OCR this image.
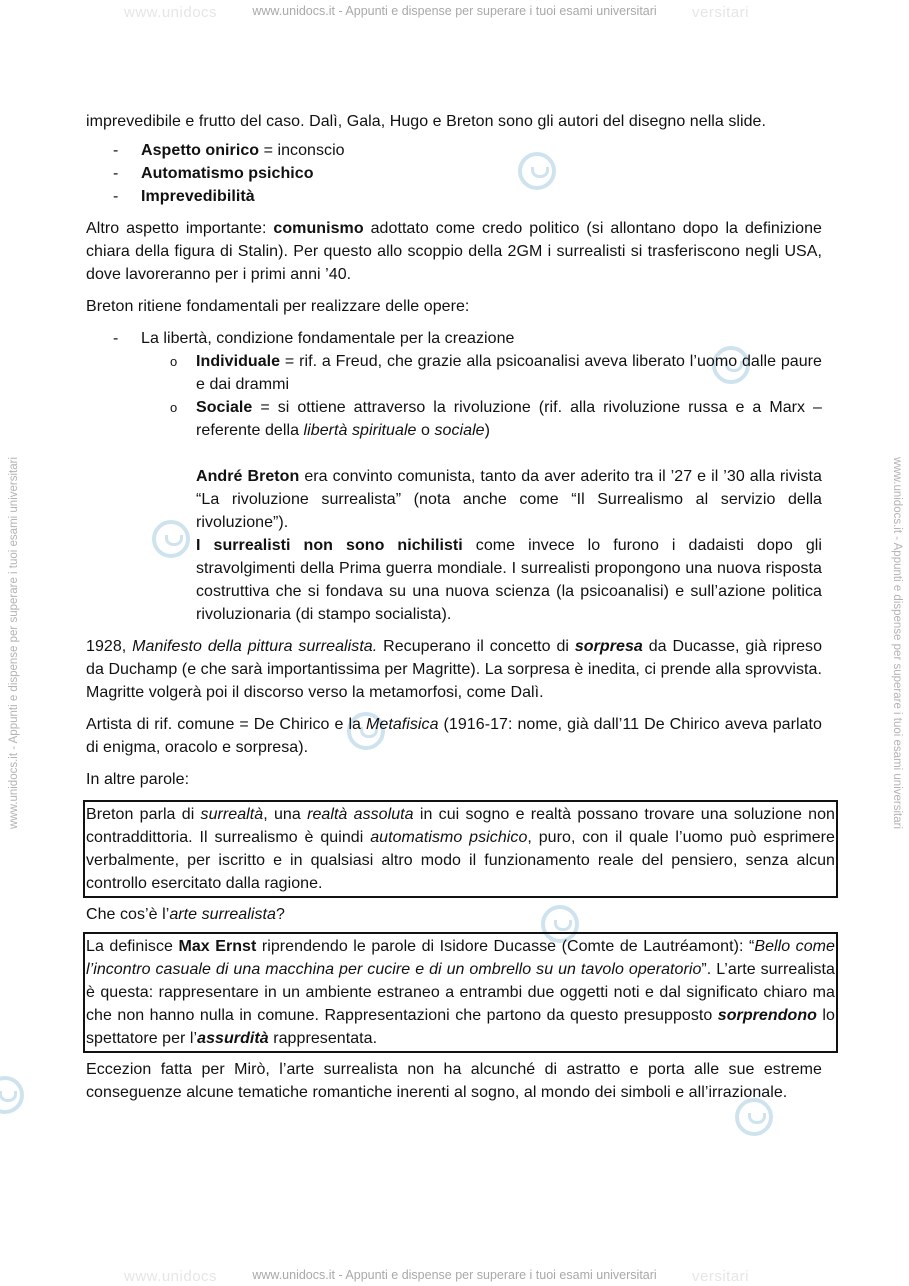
www.unidocs	versitari
www.unidocs	versitari
www.unidocs.it - Appunti e dispense per superare i tuoi esami universitari
www.unidocs.it - Appunti e dispense per superare i tuoi esami universitari
www.unidocs.it - Appunti e dispense per superare i tuoi esami universitari	www.unidocs.it - Appunti e dispense per superare i tuoi esami universitari

imprevedibile e frutto del caso. Dalì, Gala, Hugo e Breton sono gli autori del disegno nella slide.

- Aspetto onirico = inconscio
- Automatismo psichico
- Imprevedibilità

Altro aspetto importante: comunismo adottato come credo politico (si allontano dopo la definizione chiara della figura di Stalin). Per questo allo scoppio della 2GM i surrealisti si trasferiscono negli USA, dove lavoreranno per i primi anni ’40.

Breton ritiene fondamentali per realizzare delle opere:

- La libertà, condizione fondamentale per la creazione
o Individuale = rif. a Freud, che grazie alla psicoanalisi aveva liberato l’uomo dalle paure e dai drammi
o Sociale = si ottiene attraverso la rivoluzione (rif. alla rivoluzione russa e a Marx – referente della libertà spirituale o sociale)

André Breton era convinto comunista, tanto da aver aderito tra il ’27 e il ’30 alla rivista “La rivoluzione surrealista” (nota anche come “Il Surrealismo al servizio della rivoluzione”).

I surrealisti non sono nichilisti come invece lo furono i dadaisti dopo gli stravolgimenti della Prima guerra mondiale. I surrealisti propongono una nuova risposta costruttiva che si fondava su una nuova scienza (la psicoanalisi) e sull’azione politica rivoluzionaria (di stampo socialista).

1928, Manifesto della pittura surrealista. Recuperano il concetto di sorpresa da Ducasse, già ripreso da Duchamp (e che sarà importantissima per Magritte). La sorpresa è inedita, ci prende alla sprovvista. Magritte volgerà poi il discorso verso la metamorfosi, come Dalì.

Artista di rif. comune = De Chirico e la Metafisica (1916-17: nome, già dall’11 De Chirico aveva parlato di enigma, oracolo e sorpresa).

In altre parole:

Breton parla di surrealtà, una realtà assoluta in cui sogno e realtà possano trovare una soluzione non contraddittoria. Il surrealismo è quindi automatismo psichico, puro, con il quale l’uomo può esprimere verbalmente, per iscritto e in qualsiasi altro modo il funzionamento reale del pensiero, senza alcun controllo esercitato dalla ragione.

Che cos’è l’arte surrealista?

La definisce Max Ernst riprendendo le parole di Isidore Ducasse (Comte de Lautréamont): “Bello come l’incontro casuale di una macchina per cucire e di un ombrello su un tavolo operatorio”. L’arte surrealista è questa: rappresentare in un ambiente estraneo a entrambi due oggetti noti e dal significato chiaro ma che non hanno nulla in comune. Rappresentazioni che partono da questo presupposto sorprendono lo spettatore per l’assurdità rappresentata.

Eccezion fatta per Mirò, l’arte surrealista non ha alcunché di astratto e porta alle sue estreme conseguenze alcune tematiche romantiche inerenti al sogno, al mondo dei simboli e all’irrazionale.
